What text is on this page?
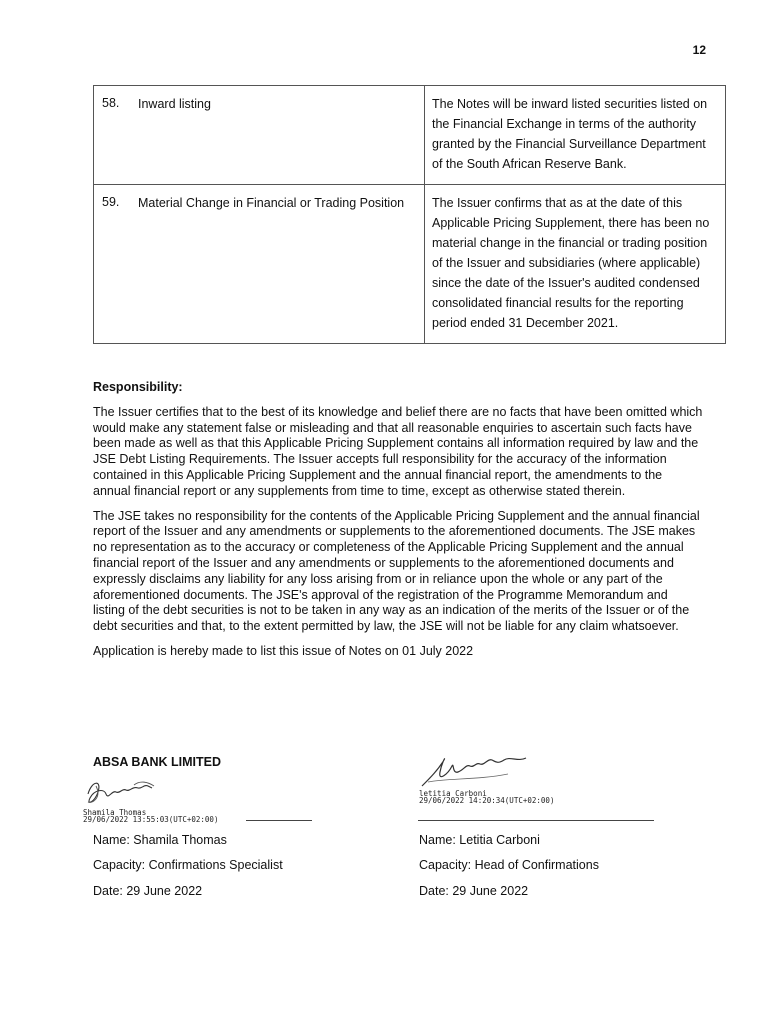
12
58. Inward listing	The Notes will be inward listed securities listed on the Financial Exchange in terms of the authority granted by the Financial Surveillance Department of the South African Reserve Bank.

59. Material Change in Financial or Trading Position	The Issuer confirms that as at the date of this Applicable Pricing Supplement, there has been no material change in the financial or trading position of the Issuer and subsidiaries (where applicable) since the date of the Issuer's audited condensed consolidated financial results for the reporting period ended 31 December 2021.
Responsibility:

The Issuer certifies that to the best of its knowledge and belief there are no facts that have been omitted which would make any statement false or misleading and that all reasonable enquiries to ascertain such facts have been made as well as that this Applicable Pricing Supplement contains all information required by law and the JSE Debt Listing Requirements. The Issuer accepts full responsibility for the accuracy of the information contained in this Applicable Pricing Supplement and the annual financial report, the amendments to the annual financial report or any supplements from time to time, except as otherwise stated therein.

The JSE takes no responsibility for the contents of the Applicable Pricing Supplement and the annual financial report of the Issuer and any amendments or supplements to the aforementioned documents. The JSE makes no representation as to the accuracy or completeness of the Applicable Pricing Supplement and the annual financial report of the Issuer and any amendments or supplements to the aforementioned documents and expressly disclaims any liability for any loss arising from or in reliance upon the whole or any part of the aforementioned documents. The JSE's approval of the registration of the Programme Memorandum and listing of the debt securities is not to be taken in any way as an indication of the merits of the Issuer or of the debt securities and that, to the extent permitted by law, the JSE will not be liable for any claim whatsoever.

Application is hereby made to list this issue of Notes on 01 July 2022

ABSA BANK LIMITED
Shamila Thomas
29/06/2022 13:55:03(UTC+02:00)
letitia Carboni
29/06/2022 14:20:34(UTC+02:00)
Name: Shamila Thomas
Capacity: Confirmations Specialist
Date: 29 June 2022
Name: Letitia Carboni
Capacity: Head of Confirmations
Date: 29 June 2022
